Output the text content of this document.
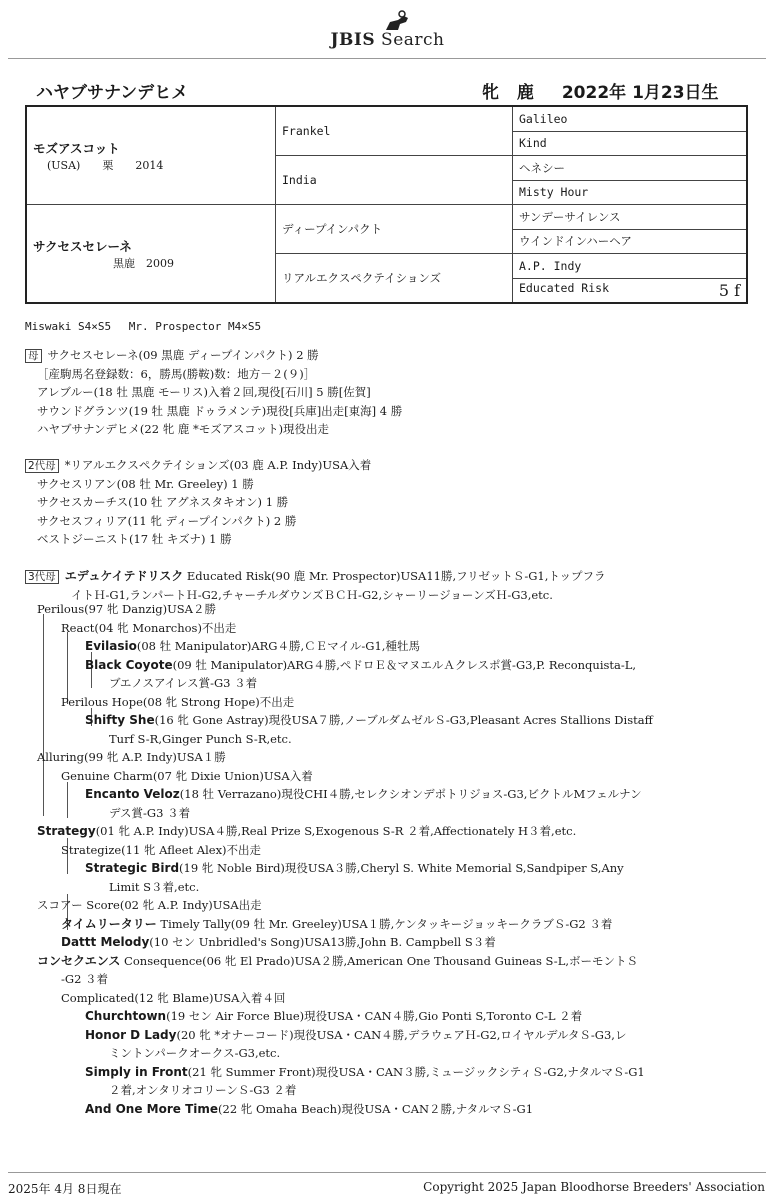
JBIS Search
ハヤブサナンデヒメ	牝 鹿 2022年 1月23日生
モズアスコット
(USA)　　栗　　2014	Frankel	Galileo
		Kind
	India	ヘネシー
		Misty Hour

サクセスセレーネ
黒鹿　2009	ディープインパクト	サンデーサイレンス
		ウインドインハーヘア
	リアルエクスペクテイションズ	A.P. Indy
		Educated Risk 5 f
Miswaki S4×S5　 Mr. Prospector M4×S5
母 サクセスセレーネ(09 黒鹿 ディープインパクト) 2 勝
［産駒馬名登録数：6，勝馬(勝鞍)数：地方－２(９)］
アレブルー(18 牡 黒鹿 モーリス)入着２回,現役[石川] 5 勝[佐賀]
サウンドグランツ(19 牡 黒鹿 ドゥラメンテ)現役[兵庫]出走[東海] 4 勝
ハヤブサナンデヒメ(22 牝 鹿 *モズアスコット)現役出走
2代母 *リアルエクスペクテイションズ(03 鹿 A.P. Indy)USA入着
サクセスリアン(08 牡 Mr. Greeley) 1 勝
サクセスカーチス(10 牡 アグネスタキオン) 1 勝
サクセスフィリア(11 牝 ディープインパクト) 2 勝
ベストジーニスト(17 牡 キズナ) 1 勝
3代母 エデュケイテドリスク Educated Risk(90 鹿 Mr. Prospector)USA11勝,フリゼットＳ-G1,トップフラ
イトＨ-G1,ランパートＨ-G2,チャーチルダウンズＢＣＨ-G2,シャーリージョーンズＨ-G3,etc.
Perilous(97 牝 Danzig)USA２勝
React(04 牝 Monarchos)不出走
Evilasio(08 牡 Manipulator)ARG４勝,ＣＥマイル-G1,種牡馬
Black Coyote(09 牡 Manipulator)ARG４勝,ペドロＥ＆マヌエルＡクレスポ賞-G3,P. Reconquista-L,
ブエノスアイレス賞-G3 ３着
Perilous Hope(08 牝 Strong Hope)不出走
Shifty She(16 牝 Gone Astray)現役USA７勝,ノーブルダムゼルＳ-G3,Pleasant Acres Stallions Distaff
Turf S-R,Ginger Punch S-R,etc.
Alluring(99 牝 A.P. Indy)USA１勝
Genuine Charm(07 牝 Dixie Union)USA入着
Encanto Veloz(18 牡 Verrazano)現役CHI４勝,セレクシオンデポトリジョス-G3,ビクトルMフェルナン
デス賞-G3 ３着
Strategy(01 牝 A.P. Indy)USA４勝,Real Prize S,Exogenous S-R ２着,Affectionately H３着,etc.
Strategize(11 牝 Afleet Alex)不出走
Strategic Bird(19 牝 Noble Bird)現役USA３勝,Cheryl S. White Memorial S,Sandpiper S,Any
Limit S３着,etc.
スコアー Score(02 牝 A.P. Indy)USA出走
タイムリータリー Timely Tally(09 牡 Mr. Greeley)USA１勝,ケンタッキージョッキークラブＳ-G2 ３着
Dattt Melody(10 セン Unbridled's Song)USA13勝,John B. Campbell S３着
コンセクエンス Consequence(06 牝 El Prado)USA２勝,American One Thousand Guineas S-L,ボーモントＳ
-G2 ３着
Complicated(12 牝 Blame)USA入着４回
Churchtown(19 セン Air Force Blue)現役USA・CAN４勝,Gio Ponti S,Toronto C-L ２着
Honor D Lady(20 牝 *オナーコード)現役USA・CAN４勝,デラウェアＨ-G2,ロイヤルデルタＳ-G3,レ
ミントンパークオークス-G3,etc.
Simply in Front(21 牝 Summer Front)現役USA・CAN３勝,ミュージックシティＳ-G2,ナタルマＳ-G1
２着,オンタリオコリーンＳ-G3 ２着
And One More Time(22 牝 Omaha Beach)現役USA・CAN２勝,ナタルマＳ-G1
2025年 4月 8日現在	Copyright 2025 Japan Bloodhorse Breeders' Association
